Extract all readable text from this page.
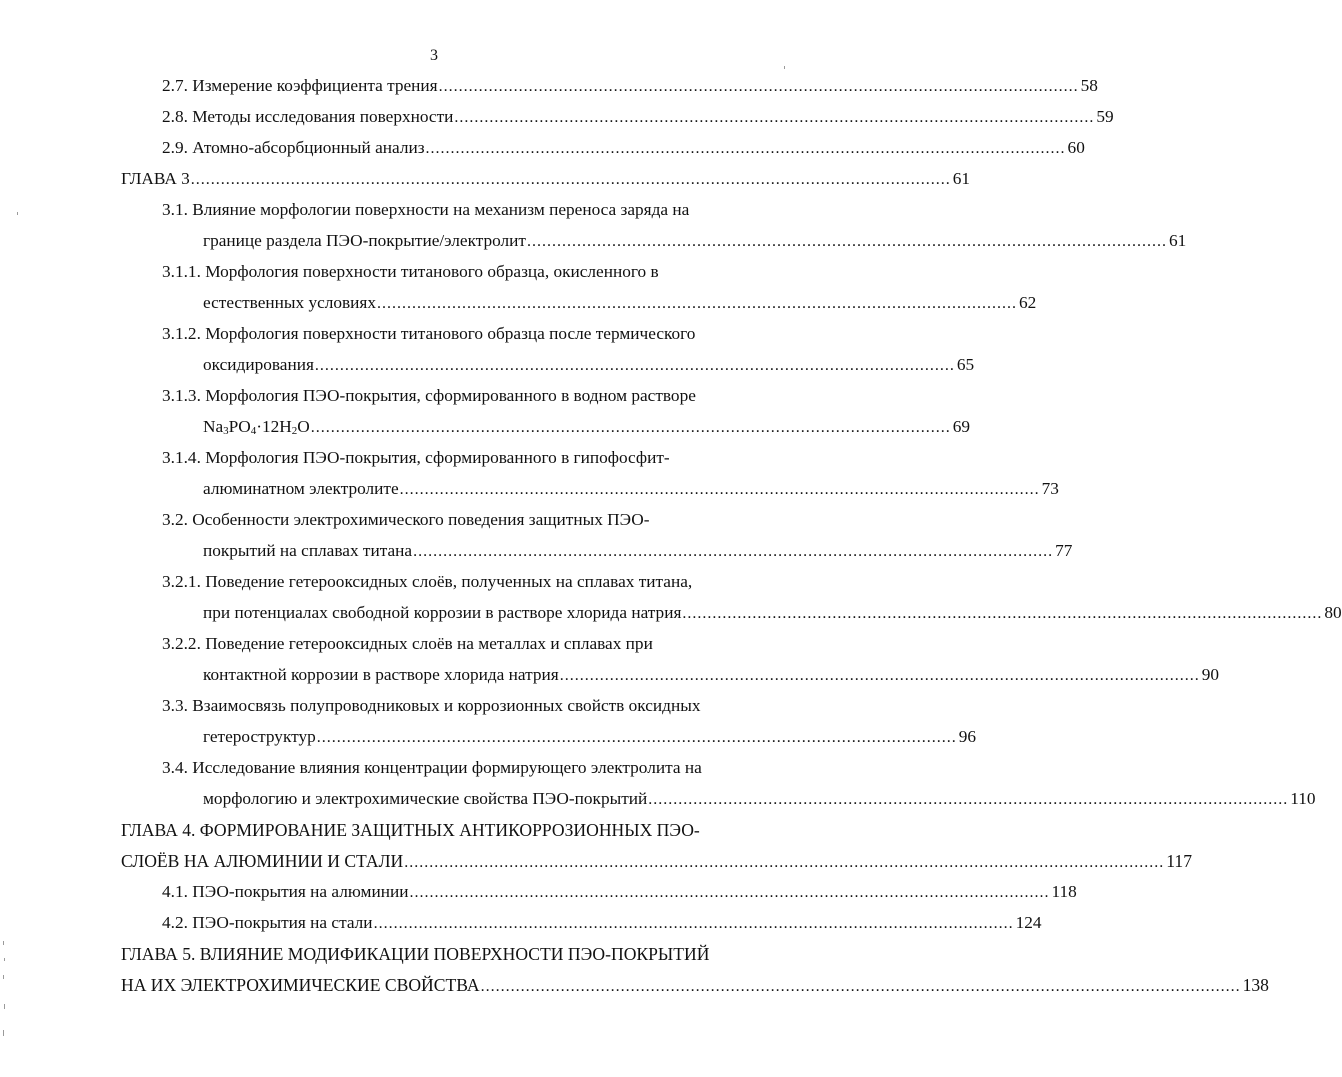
3
2.7. Измерение коэффициента трения ................................................................................................................................ 58
2.8. Методы исследования поверхности ................................................................................................................................ 59
2.9. Атомно-абсорбционный анализ ................................................................................................................................ 60
ГЛАВА 3 ........................................................................................................................................................ 61
3.1. Влияние морфологии поверхности на механизм переноса заряда на
границе раздела ПЭО-покрытие/электролит ................................................................................................................................ 61
3.1.1. Морфология поверхности титанового образца, окисленного в
естественных условиях ................................................................................................................................ 62
3.1.2. Морфология поверхности титанового образца после термического
оксидирования ................................................................................................................................ 65
3.1.3. Морфология ПЭО-покрытия, сформированного в водном растворе
$Na_3PO_4\cdot 12H_2O$ ................................................................................................................................ 69
3.1.4. Морфология ПЭО-покрытия, сформированного в гипофосфит-
алюминатном электролите ................................................................................................................................ 73
3.2. Особенности электрохимического поведения защитных ПЭО-
покрытий на сплавах титана ................................................................................................................................ 77
3.2.1. Поведение гетерооксидных слоёв, полученных на сплавах титана,
при потенциалах свободной коррозии в растворе хлорида натрия ................................................................................................................................ 80
3.2.2. Поведение гетерооксидных слоёв на металлах и сплавах при
контактной коррозии в растворе хлорида натрия ................................................................................................................................ 90
3.3. Взаимосвязь полупроводниковых и коррозионных свойств оксидных
гетероструктур ................................................................................................................................ 96
3.4. Исследование влияния концентрации формирующего электролита на
морфологию и электрохимические свойства ПЭО-покрытий ................................................................................................................................ 110
ГЛАВА 4. ФОРМИРОВАНИЕ ЗАЩИТНЫХ АНТИКОРРОЗИОННЫХ ПЭО-
СЛОЁВ НА АЛЮМИНИИ И СТАЛИ ........................................................................................................................................................ 117
4.1. ПЭО-покрытия на алюминии ................................................................................................................................ 118
4.2. ПЭО-покрытия на стали ................................................................................................................................ 124
ГЛАВА 5. ВЛИЯНИЕ МОДИФИКАЦИИ ПОВЕРХНОСТИ ПЭО-ПОКРЫТИЙ
НА ИХ ЭЛЕКТРОХИМИЧЕСКИЕ СВОЙСТВА ........................................................................................................................................................ 138
